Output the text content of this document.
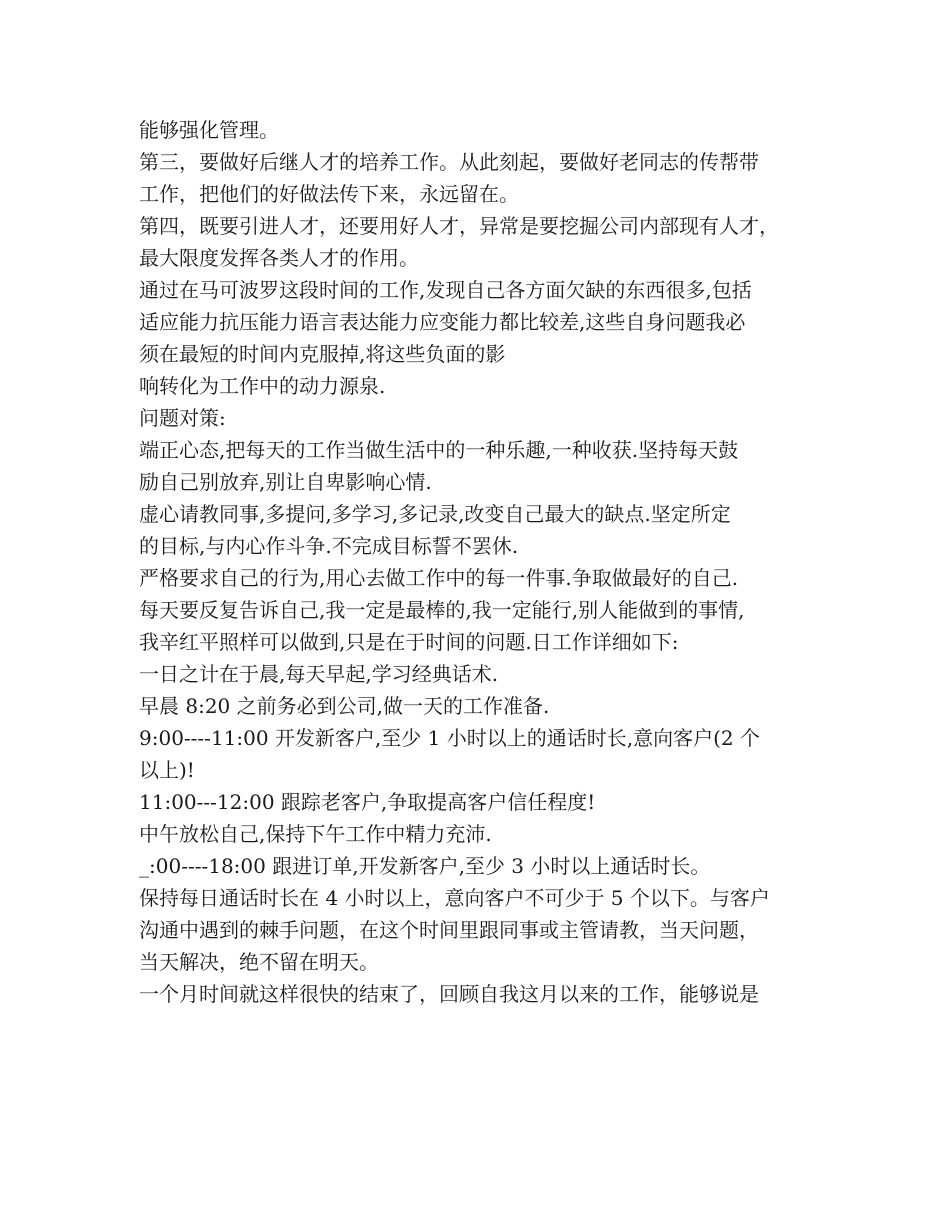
能够强化管理。
第三，要做好后继人才的培养工作。从此刻起，要做好老同志的传帮带
工作，把他们的好做法传下来，永远留在。
第四，既要引进人才，还要用好人才，异常是要挖掘公司内部现有人才，
最大限度发挥各类人才的作用。
通过在马可波罗这段时间的工作,发现自己各方面欠缺的东西很多,包括
适应能力抗压能力语言表达能力应变能力都比较差,这些自身问题我必
须在最短的时间内克服掉,将这些负面的影
响转化为工作中的动力源泉.
问题对策:
端正心态,把每天的工作当做生活中的一种乐趣,一种收获.坚持每天鼓
励自己别放弃,别让自卑影响心情.
虚心请教同事,多提问,多学习,多记录,改变自己最大的缺点.坚定所定
的目标,与内心作斗争.不完成目标誓不罢休.
严格要求自己的行为,用心去做工作中的每一件事.争取做最好的自己.
每天要反复告诉自己,我一定是最棒的,我一定能行,别人能做到的事情,
我辛红平照样可以做到,只是在于时间的问题.日工作详细如下:
一日之计在于晨,每天早起,学习经典话术.
早晨 8:20 之前务必到公司,做一天的工作准备.
9:00----11:00 开发新客户,至少 1 小时以上的通话时长,意向客户(2 个
以上)!
11:00---12:00 跟踪老客户,争取提高客户信任程度!
中午放松自己,保持下午工作中精力充沛.
_:00----18:00 跟进订单,开发新客户,至少 3 小时以上通话时长。
保持每日通话时长在 4 小时以上，意向客户不可少于 5 个以下。与客户
沟通中遇到的棘手问题，在这个时间里跟同事或主管请教，当天问题，
当天解决，绝不留在明天。
一个月时间就这样很快的结束了，回顾自我这月以来的工作，能够说是
